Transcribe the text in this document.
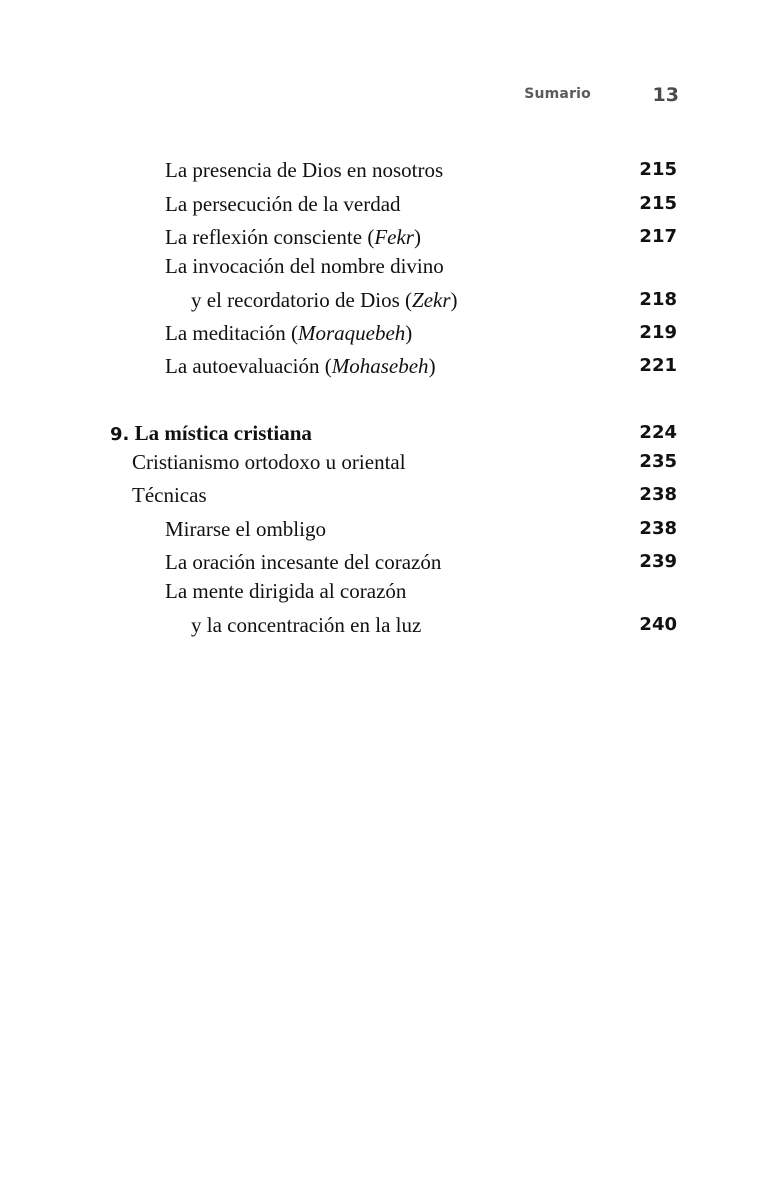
Sumario	13
La presencia de Dios en nosotros	215
La persecución de la verdad	215
La reflexión consciente (Fekr)	217
La invocación del nombre divino
y el recordatorio de Dios (Zekr)	218
La meditación (Moraquebeh)	219
La autoevaluación (Mohasebeh)	221
9. La mística cristiana	224
Cristianismo ortodoxo u oriental	235
Técnicas	238
Mirarse el ombligo	238
La oración incesante del corazón	239
La mente dirigida al corazón
y la concentración en la luz	240
